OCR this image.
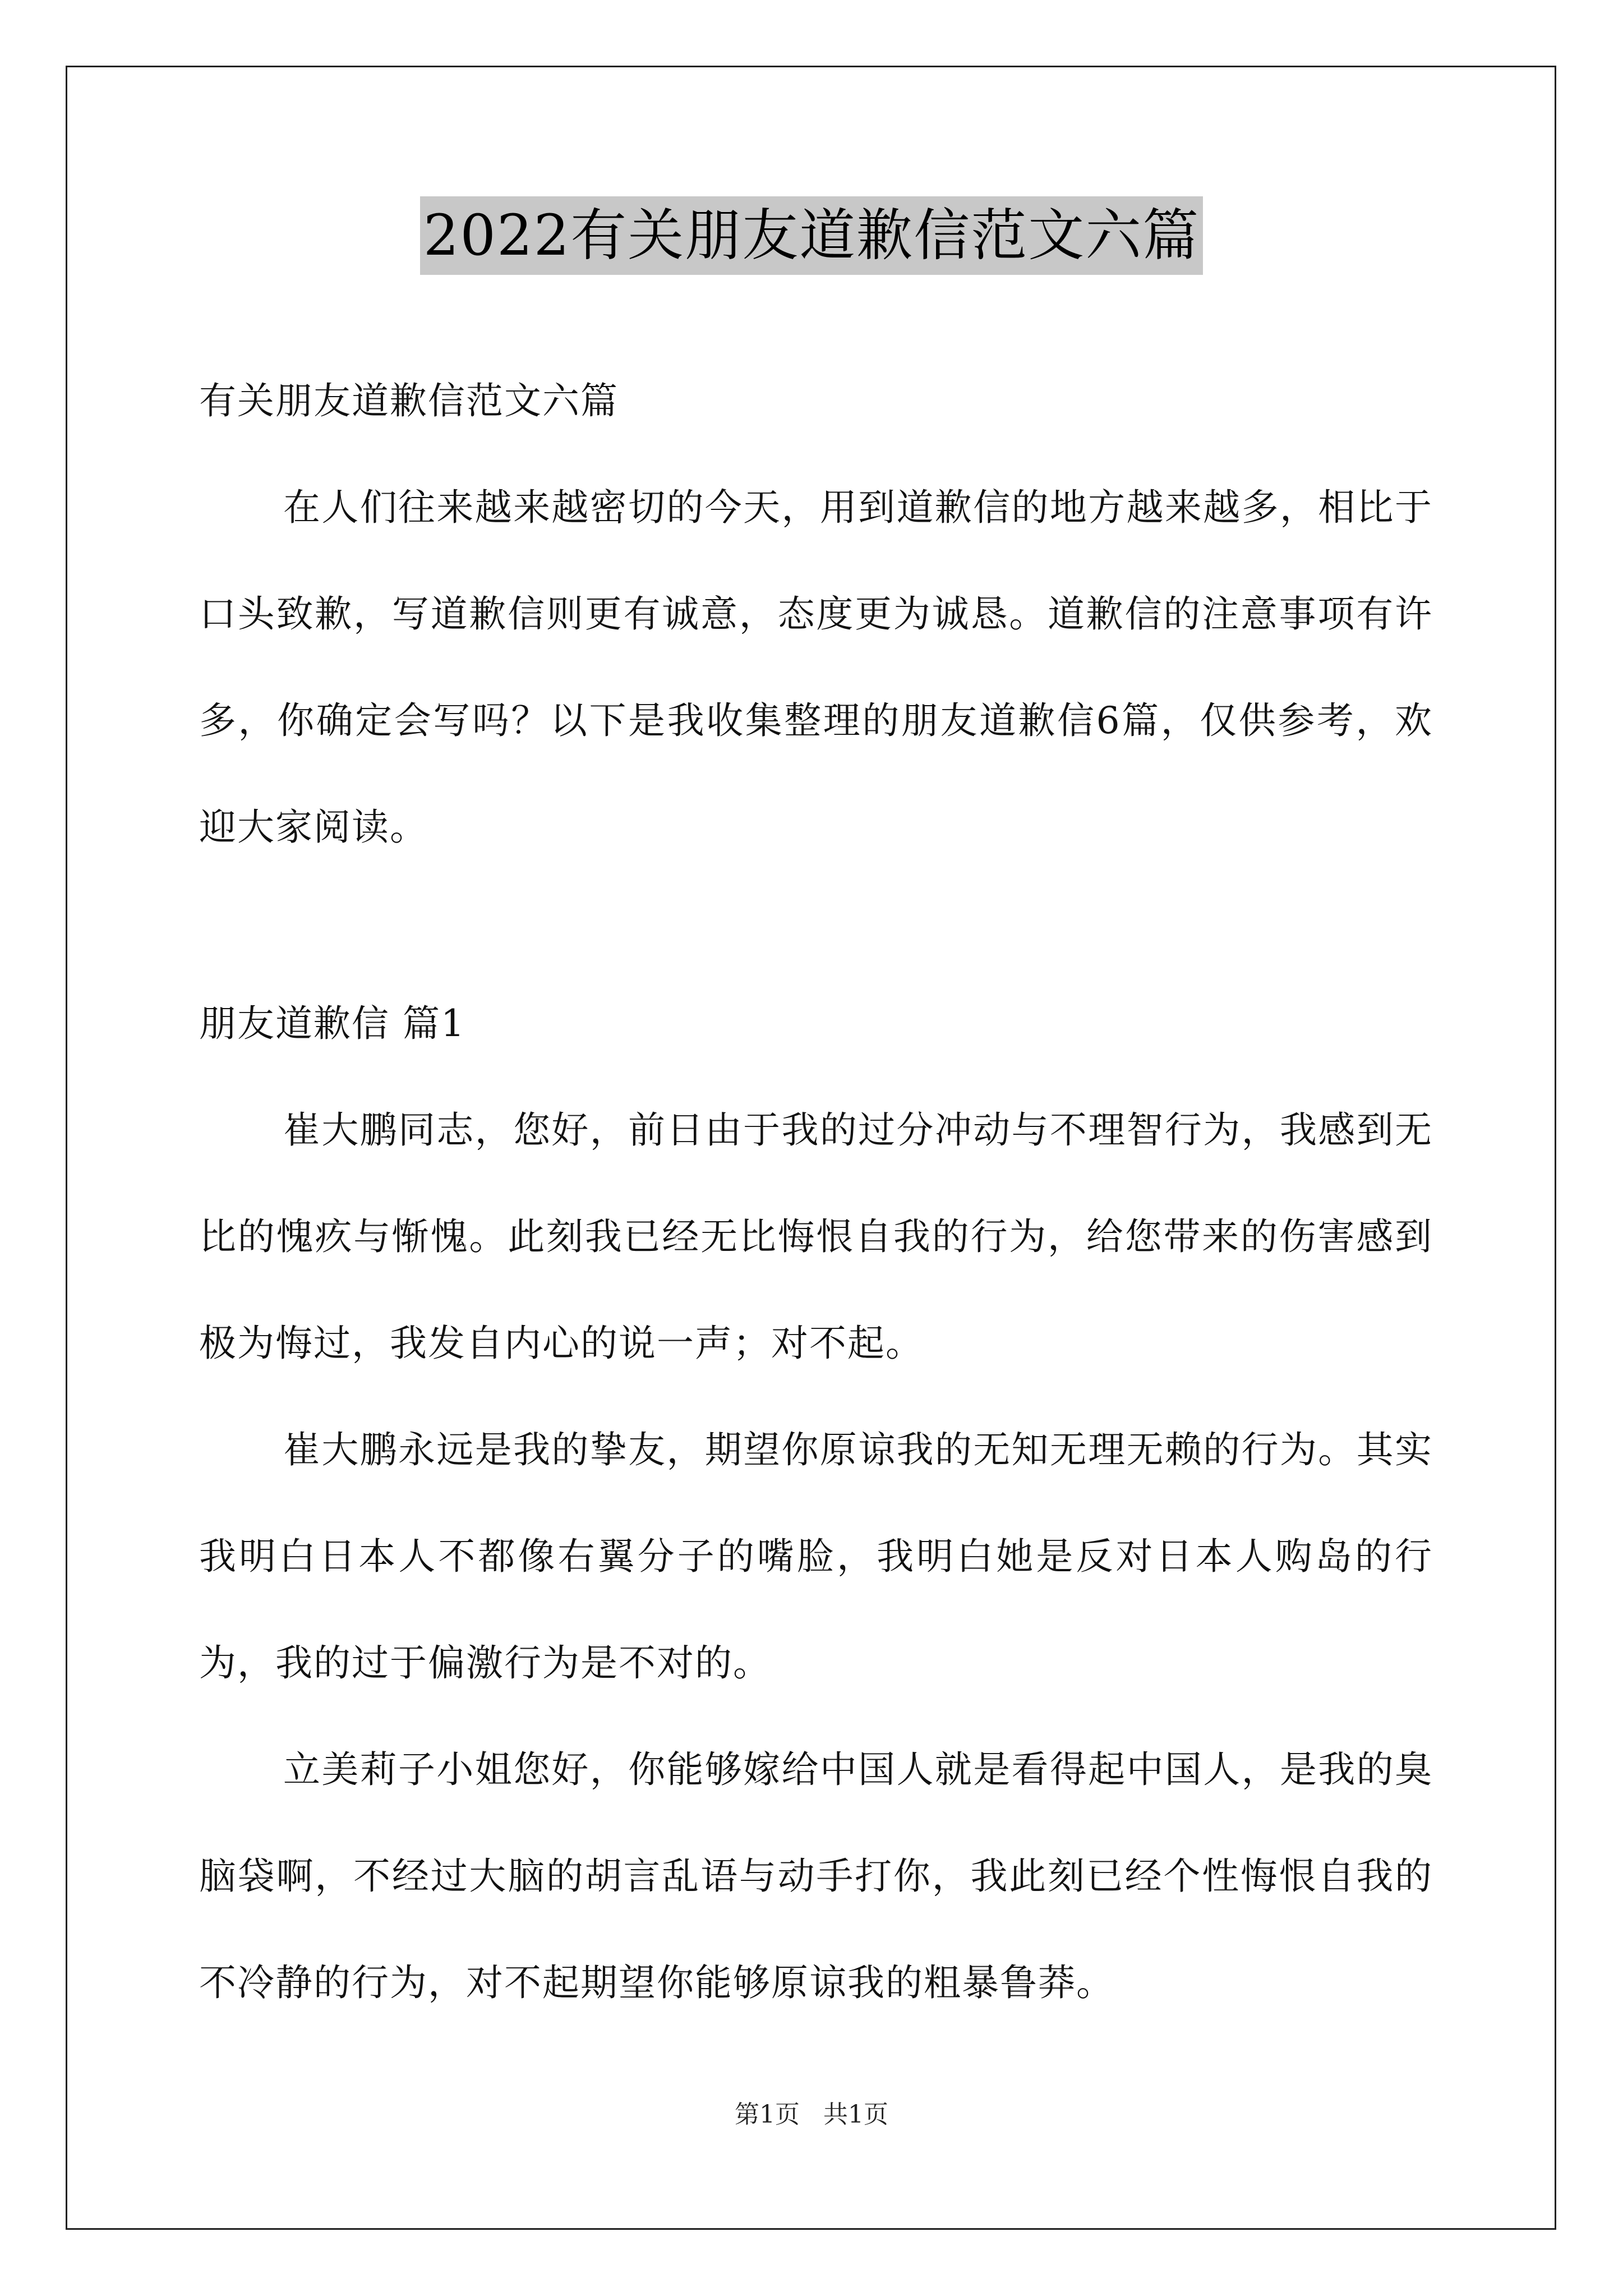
2022有关朋友道歉信范文六篇

有关朋友道歉信范文六篇

在人们往来越来越密切的今天，用到道歉信的地方越来越多，相比于口头致歉，写道歉信则更有诚意，态度更为诚恳。道歉信的注意事项有许多，你确定会写吗？以下是我收集整理的朋友道歉信6篇，仅供参考，欢迎大家阅读。

朋友道歉信 篇1

崔大鹏同志，您好，前日由于我的过分冲动与不理智行为，我感到无比的愧疚与惭愧。此刻我已经无比悔恨自我的行为，给您带来的伤害感到极为悔过，我发自内心的说一声；对不起。

崔大鹏永远是我的挚友，期望你原谅我的无知无理无赖的行为。其实我明白日本人不都像右翼分子的嘴脸，我明白她是反对日本人购岛的行为，我的过于偏激行为是不对的。

立美莉子小姐您好，你能够嫁给中国人就是看得起中国人，是我的臭脑袋啊，不经过大脑的胡言乱语与动手打你，我此刻已经个性悔恨自我的不冷静的行为，对不起期望你能够原谅我的粗暴鲁莽。

第1页   共1页
